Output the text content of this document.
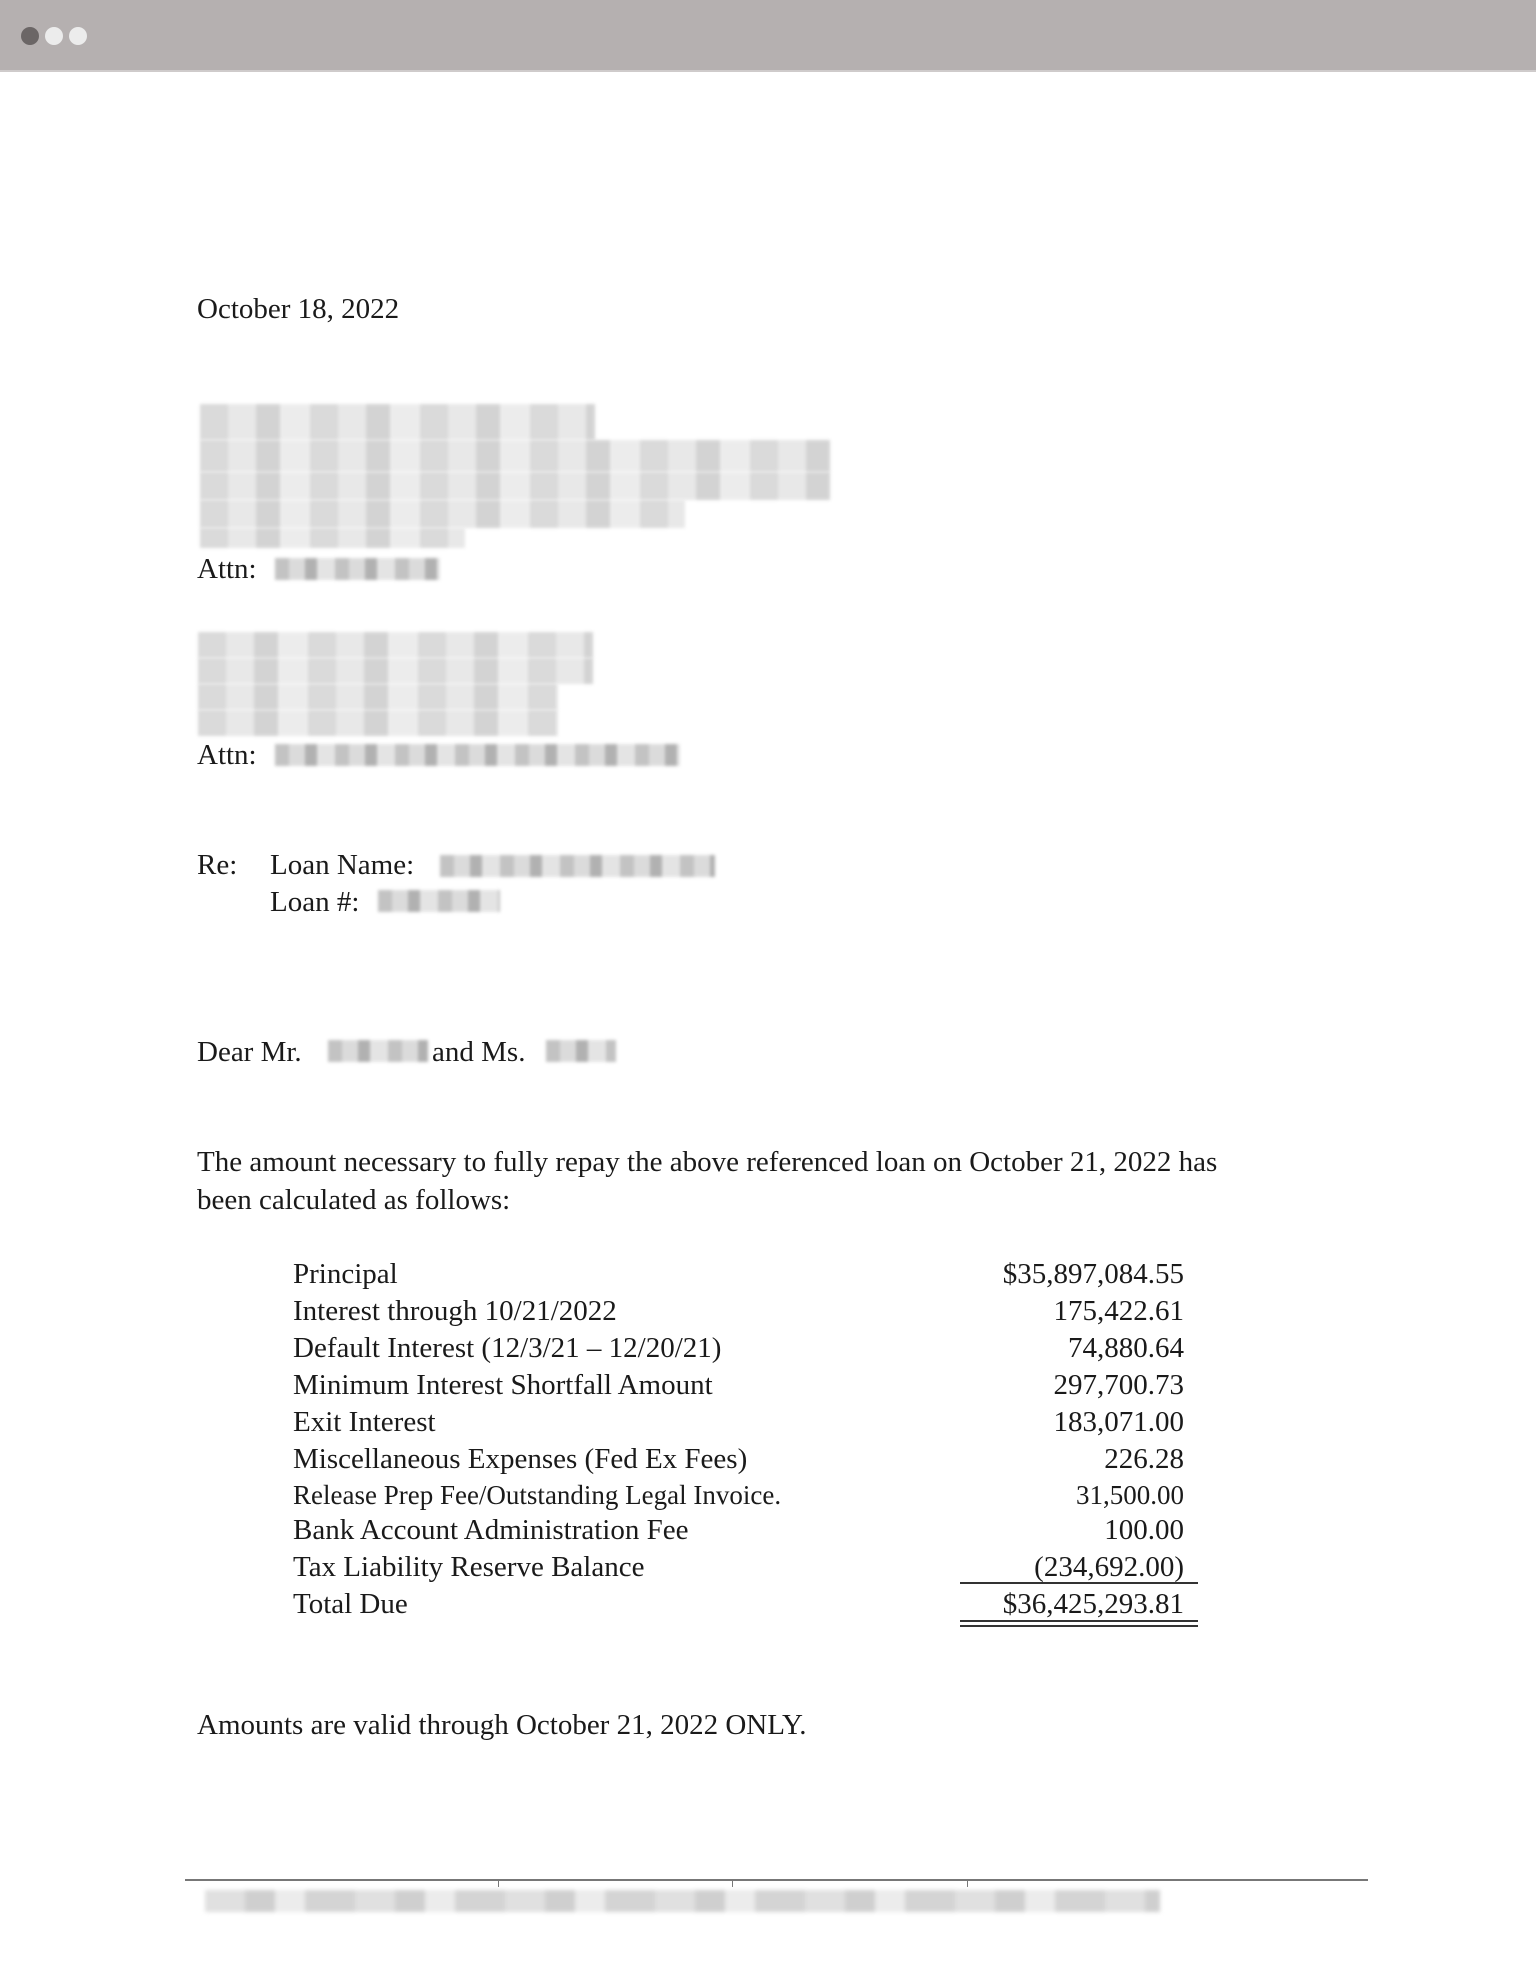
October 18, 2022
Attn:
Attn:
Re: Loan Name:
Loan #:
Dear Mr.	and Ms.
The amount necessary to fully repay the above referenced loan on October 21, 2022 has
been calculated as follows:
Principal	$35,897,084.55
Interest through 10/21/2022	175,422.61
Default Interest (12/3/21 – 12/20/21)	74,880.64
Minimum Interest Shortfall Amount	297,700.73
Exit Interest	183,071.00
Miscellaneous Expenses (Fed Ex Fees)	226.28
Release Prep Fee/Outstanding Legal Invoice.	31,500.00
Bank Account Administration Fee	100.00
Tax Liability Reserve Balance	(234,692.00)
Total Due	$36,425,293.81
Amounts are valid through October 21, 2022 ONLY.
